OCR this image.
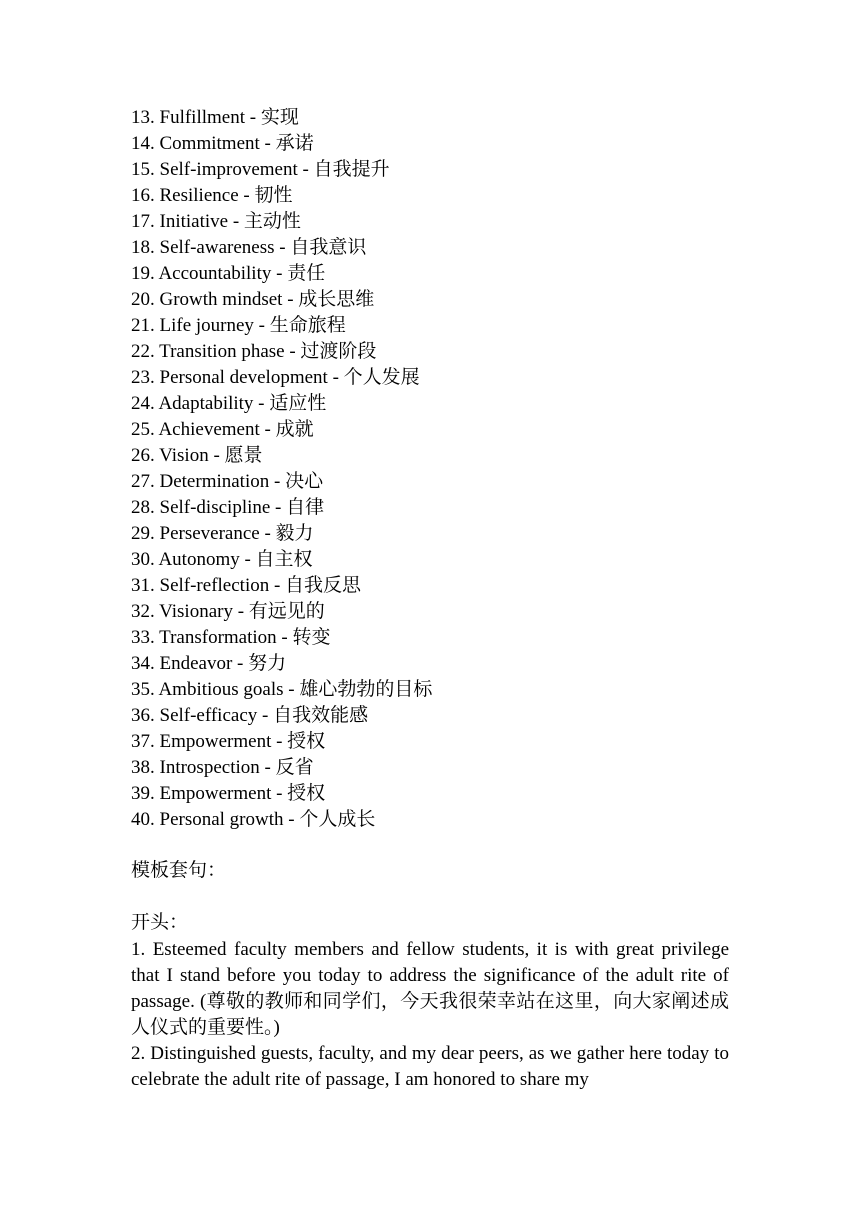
13. Fulfillment - 实现
14. Commitment - 承诺
15. Self-improvement - 自我提升
16. Resilience - 韧性
17. Initiative - 主动性
18. Self-awareness - 自我意识
19. Accountability - 责任
20. Growth mindset - 成长思维
21. Life journey - 生命旅程
22. Transition phase - 过渡阶段
23. Personal development - 个人发展
24. Adaptability - 适应性
25. Achievement - 成就
26. Vision - 愿景
27. Determination - 决心
28. Self-discipline - 自律
29. Perseverance - 毅力
30. Autonomy - 自主权
31. Self-reflection - 自我反思
32. Visionary - 有远见的
33. Transformation - 转变
34. Endeavor - 努力
35. Ambitious goals - 雄心勃勃的目标
36. Self-efficacy - 自我效能感
37. Empowerment - 授权
38. Introspection - 反省
39. Empowerment - 授权
40. Personal growth - 个人成长
模板套句：
开头：

1. Esteemed faculty members and fellow students, it is with great privilege that I stand before you today to address the significance of the adult rite of passage. (尊敬的教师和同学们，今天我很荣幸站在这里，向大家阐述成人仪式的重要性。)

2. Distinguished guests, faculty, and my dear peers, as we gather here today to celebrate the adult rite of passage, I am honored to share my
